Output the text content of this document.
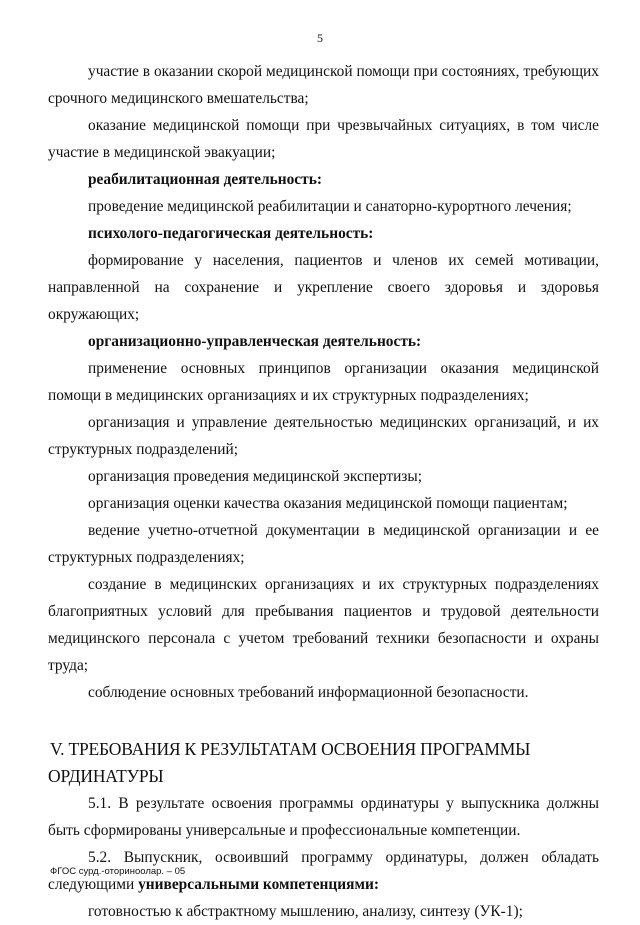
5

участие в оказании скорой медицинской помощи при состояниях, требующих срочного медицинского вмешательства;

оказание медицинской помощи при чрезвычайных ситуациях, в том числе участие в медицинской эвакуации;

реабилитационная деятельность:

проведение медицинской реабилитации и санаторно-курортного лечения;

психолого-педагогическая деятельность:

формирование у населения, пациентов и членов их семей мотивации, направленной на сохранение и укрепление своего здоровья и здоровья окружающих;

организационно-управленческая деятельность:

применение основных принципов организации оказания медицинской помощи в медицинских организациях и их структурных подразделениях;

организация и управление деятельностью медицинских организаций, и их структурных подразделений;

организация проведения медицинской экспертизы;

организация оценки качества оказания медицинской помощи пациентам;

ведение учетно-отчетной документации в медицинской организации и ее структурных подразделениях;

создание в медицинских организациях и их структурных подразделениях благоприятных условий для пребывания пациентов и трудовой деятельности медицинского персонала с учетом требований техники безопасности и охраны труда;

соблюдение основных требований информационной безопасности.

V. ТРЕБОВАНИЯ К РЕЗУЛЬТАТАМ ОСВОЕНИЯ ПРОГРАММЫ ОРДИНАТУРЫ

5.1. В результате освоения программы ординатуры у выпускника должны быть сформированы универсальные и профессиональные компетенции.

5.2. Выпускник, освоивший программу ординатуры, должен обладать следующими универсальными компетенциями:

готовностью к абстрактному мышлению, анализу, синтезу (УК-1);

ФГОС сурд.-оториноолар. – 05
